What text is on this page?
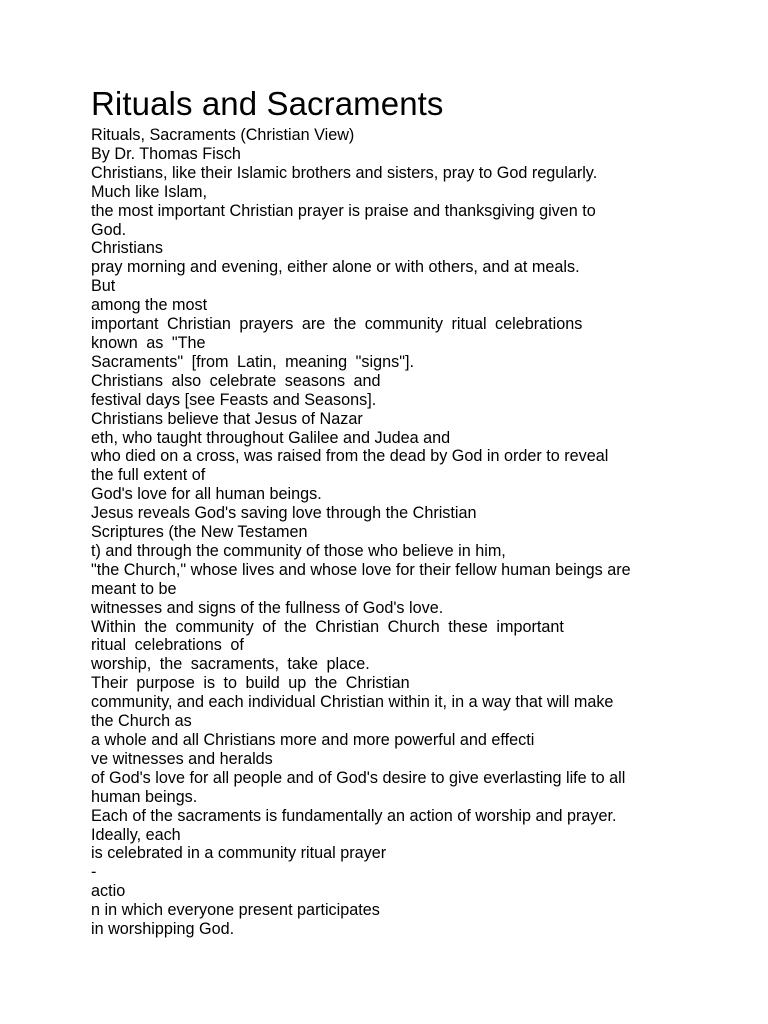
Rituals and Sacraments
Rituals, Sacraments (Christian View)
By Dr. Thomas Fisch
Christians, like their Islamic brothers and sisters, pray to God regularly.
Much like Islam,
the most important Christian prayer is praise and thanksgiving given to
God.
Christians
pray morning and evening, either alone or with others, and at meals.
But
among the most
important Christian prayers are the community ritual celebrations
known as "The
Sacraments" [from Latin, meaning "signs"].
Christians also celebrate seasons and
festival days [see Feasts and Seasons].
Christians believe that Jesus of Nazar
eth, who taught throughout Galilee and Judea and
who died on a cross, was raised from the dead by God in order to reveal
the full extent of
God's love for all human beings.
Jesus reveals God's saving love through the Christian
Scriptures (the New Testamen
t) and through the community of those who believe in him,
"the Church," whose lives and whose love for their fellow human beings are
meant to be
witnesses and signs of the fullness of God's love.
Within the community of the Christian Church these important
ritual celebrations of
worship, the sacraments, take place.
Their purpose is to build up the Christian
community, and each individual Christian within it, in a way that will make
the Church as
a whole and all Christians more and more powerful and effecti
ve witnesses and heralds
of God's love for all people and of God's desire to give everlasting life to all
human beings.
Each of the sacraments is fundamentally an action of worship and prayer.
Ideally, each
is celebrated in a community ritual prayer
-
actio
n in which everyone present participates
in worshipping God.
